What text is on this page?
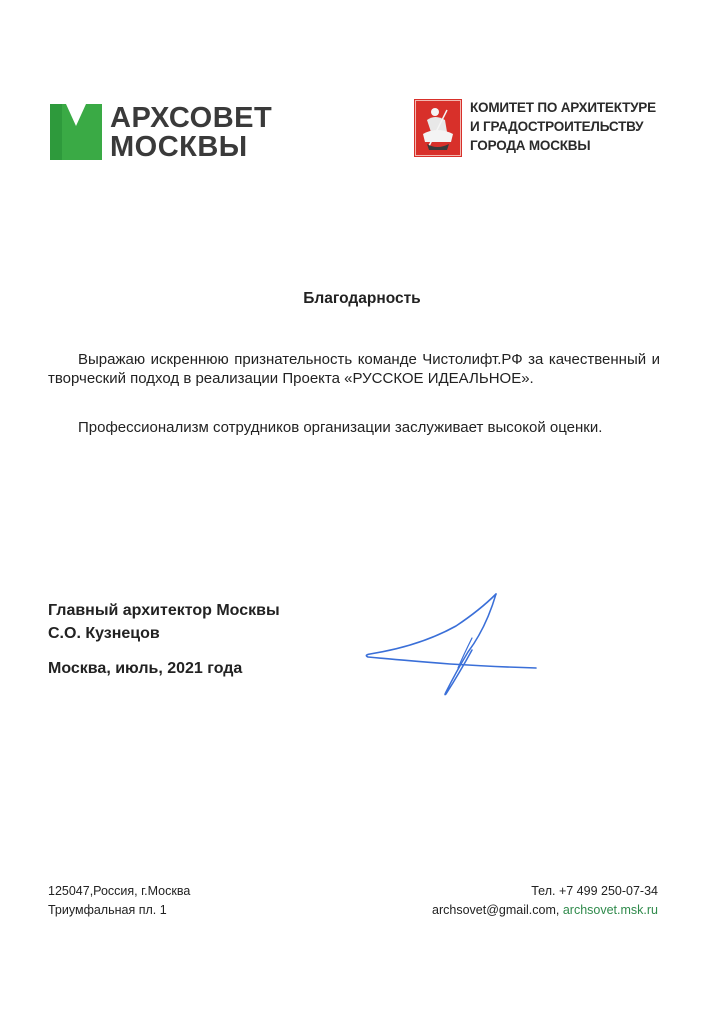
АРХСОВЕТ
МОСКВЫ
КОМИТЕТ ПО АРХИТЕКТУРЕ
И ГРАДОСТРОИТЕЛЬСТВУ
ГОРОДА МОСКВЫ
Благодарность
Выражаю искреннюю признательность команде Чистолифт.РФ за качественный и творческий подход в реализации Проекта «РУССКОЕ ИДЕАЛЬНОЕ».
Профессионализм сотрудников организации заслуживает высокой оценки.
Главный архитектор Москвы
С.О. Кузнецов
Москва, июль, 2021 года
125047,Россия, г.Москва
Триумфальная пл. 1
Тел. +7 499 250-07-34
archsovet@gmail.com, archsovet.msk.ru
